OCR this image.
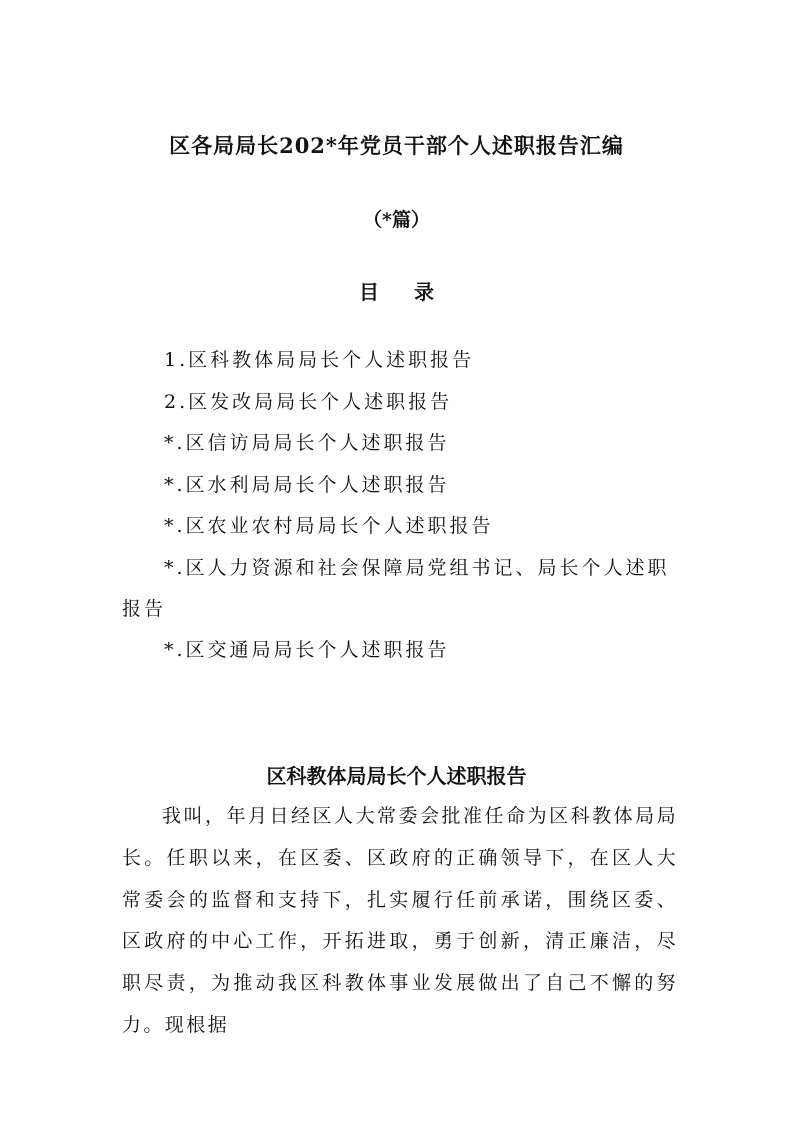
区各局局长202*年党员干部个人述职报告汇编
（*篇）
目 录
1.区科教体局局长个人述职报告
2.区发改局局长个人述职报告
*.区信访局局长个人述职报告
*.区水利局局长个人述职报告
*.区农业农村局局长个人述职报告
*.区人力资源和社会保障局党组书记、局长个人述职报告
*.区交通局局长个人述职报告
区科教体局局长个人述职报告
我叫，年月日经区人大常委会批准任命为区科教体局局长。任职以来，在区委、区政府的正确领导下，在区人大常委会的监督和支持下，扎实履行任前承诺，围绕区委、区政府的中心工作，开拓进取，勇于创新，清正廉洁，尽职尽责，为推动我区科教体事业发展做出了自己不懈的努力。现根据
